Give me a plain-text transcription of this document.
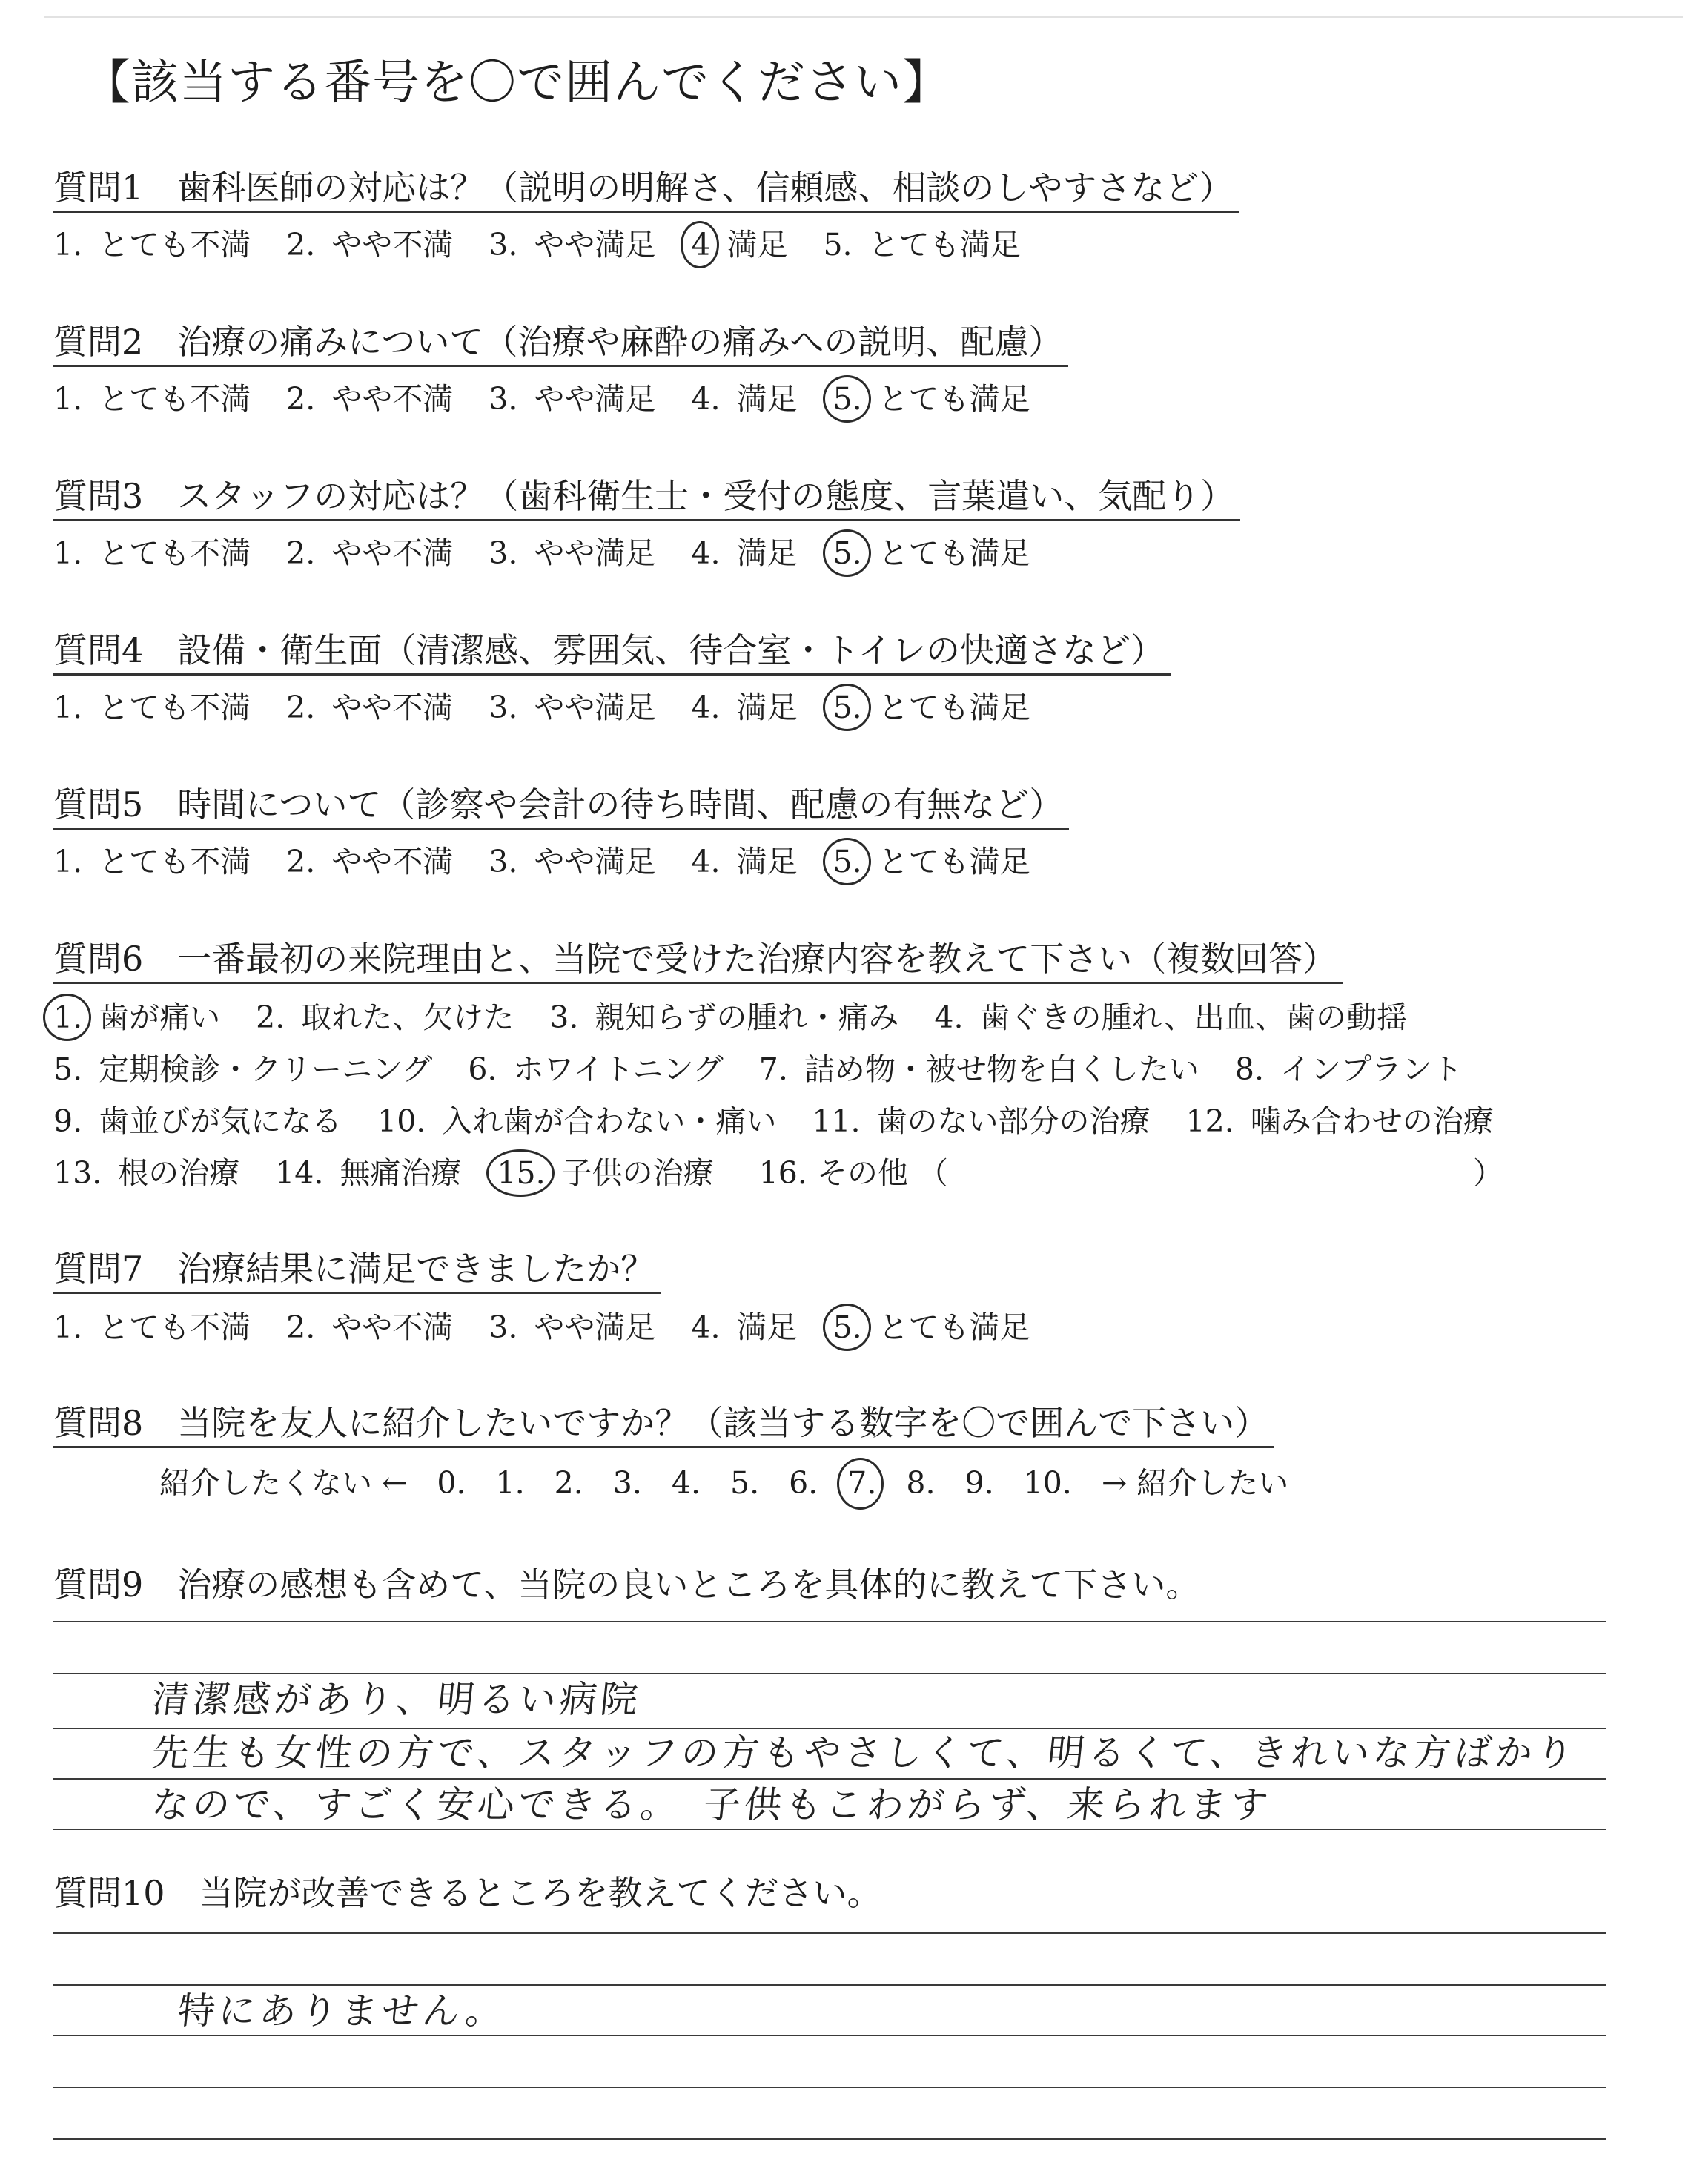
【該当する番号を〇で囲んでください】
質問1　歯科医師の対応は？（説明の明解さ、信頼感、相談のしやすさなど）
1. とても不満 2. やや不満 3. やや満足 4 満足 5. とても満足
質問2　治療の痛みについて（治療や麻酔の痛みへの説明、配慮）
1. とても不満 2. やや不満 3. やや満足 4. 満足 5. とても満足
質問3　スタッフの対応は？（歯科衛生士・受付の態度、言葉遣い、気配り）
1. とても不満 2. やや不満 3. やや満足 4. 満足 5. とても満足
質問4　設備・衛生面（清潔感、雰囲気、待合室・トイレの快適さなど）
1. とても不満 2. やや不満 3. やや満足 4. 満足 5. とても満足
質問5　時間について（診察や会計の待ち時間、配慮の有無など）
1. とても不満 2. やや不満 3. やや満足 4. 満足 5. とても満足
質問6　一番最初の来院理由と、当院で受けた治療内容を教えて下さい（複数回答）
1. 歯が痛い 2. 取れた、欠けた 3. 親知らずの腫れ・痛み 4. 歯ぐきの腫れ、出血、歯の動揺
5. 定期検診・クリーニング 6. ホワイトニング 7. 詰め物・被せ物を白くしたい 8. インプラント
9. 歯並びが気になる 10. 入れ歯が合わない・痛い 11. 歯のない部分の治療 12. 噛み合わせの治療
13. 根の治療 14. 無痛治療 15. 子供の治療 16. その他 （	）
質問7　治療結果に満足できましたか？
1. とても不満 2. やや不満 3. やや満足 4. 満足 5. とても満足
質問8　当院を友人に紹介したいですか？（該当する数字を〇で囲んで下さい）
紹介したくない ← 0. 1. 2. 3. 4. 5. 6. 7. 8. 9. 10. → 紹介したい
質問9　治療の感想も含めて、当院の良いところを具体的に教えて下さい。
清潔感があり、明るい病院
先生も女性の方で、スタッフの方もやさしくて、明るくて、きれいな方ばかり
なので、すごく安心できる。　子供もこわがらず、来られます
質問10　当院が改善できるところを教えてください。
特にありません。
